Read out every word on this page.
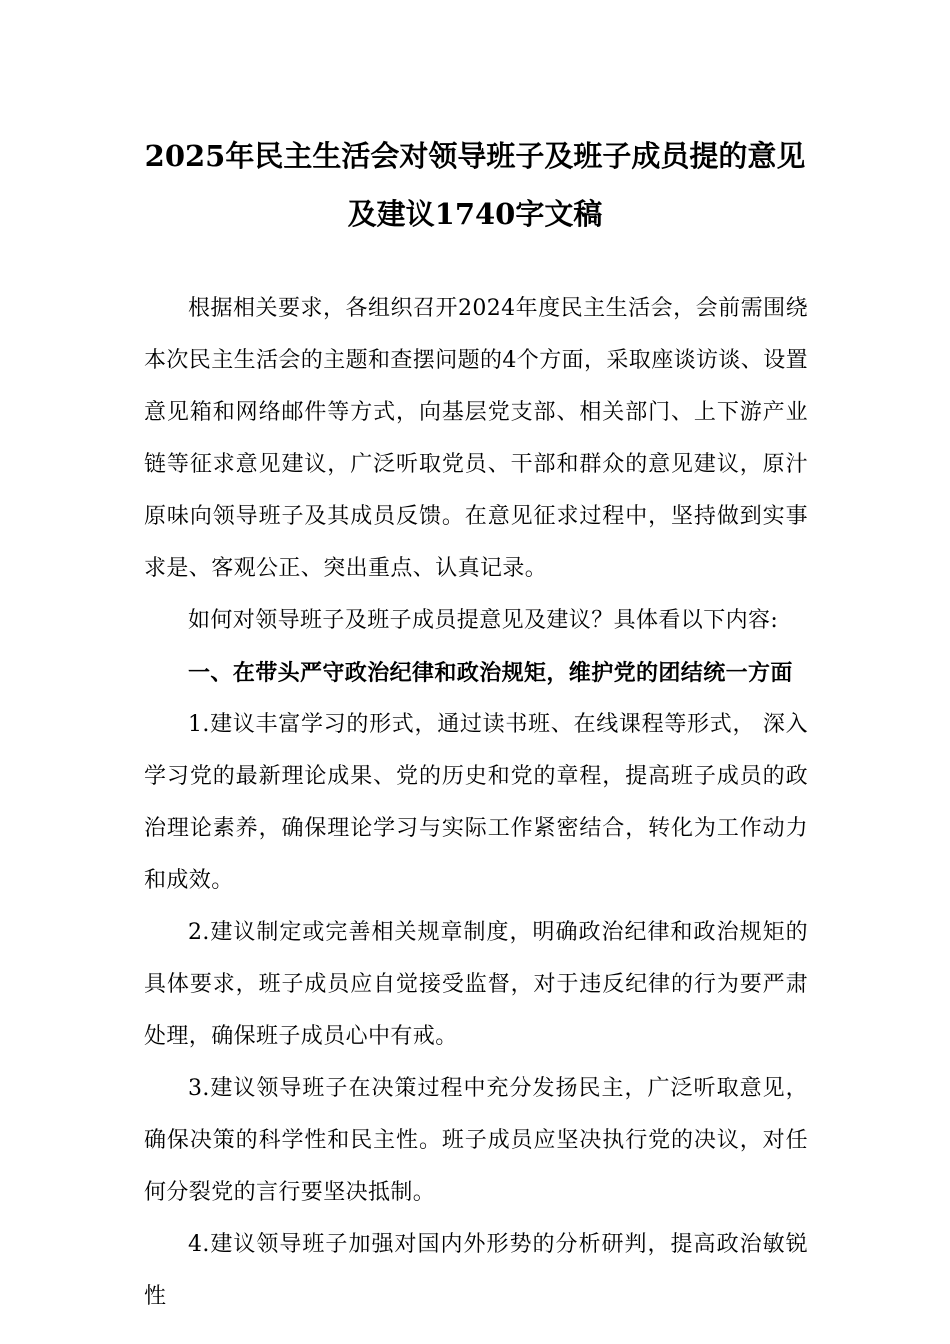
2025年民主生活会对领导班子及班子成员提的意见
及建议1740字文稿

根据相关要求，各组织召开2024年度民主生活会，会前需围绕本次民主生活会的主题和查摆问题的4个方面，采取座谈访谈、设置意见箱和网络邮件等方式，向基层党支部、相关部门、上下游产业链等征求意见建议，广泛听取党员、干部和群众的意见建议，原汁原味向领导班子及其成员反馈。在意见征求过程中，坚持做到实事求是、客观公正、突出重点、认真记录。

如何对领导班子及班子成员提意见及建议？具体看以下内容:

一、在带头严守政治纪律和政治规矩，维护党的团结统一方面

1.建议丰富学习的形式，通过读书班、在线课程等形式， 深入学习党的最新理论成果、党的历史和党的章程，提高班子成员的政治理论素养，确保理论学习与实际工作紧密结合，转化为工作动力和成效。

2.建议制定或完善相关规章制度，明确政治纪律和政治规矩的具体要求，班子成员应自觉接受监督，对于违反纪律的行为要严肃处理，确保班子成员心中有戒。

3.建议领导班子在决策过程中充分发扬民主，广泛听取意见，确保决策的科学性和民主性。班子成员应坚决执行党的决议，对任何分裂党的言行要坚决抵制。

4.建议领导班子加强对国内外形势的分析研判，提高政治敏锐性
